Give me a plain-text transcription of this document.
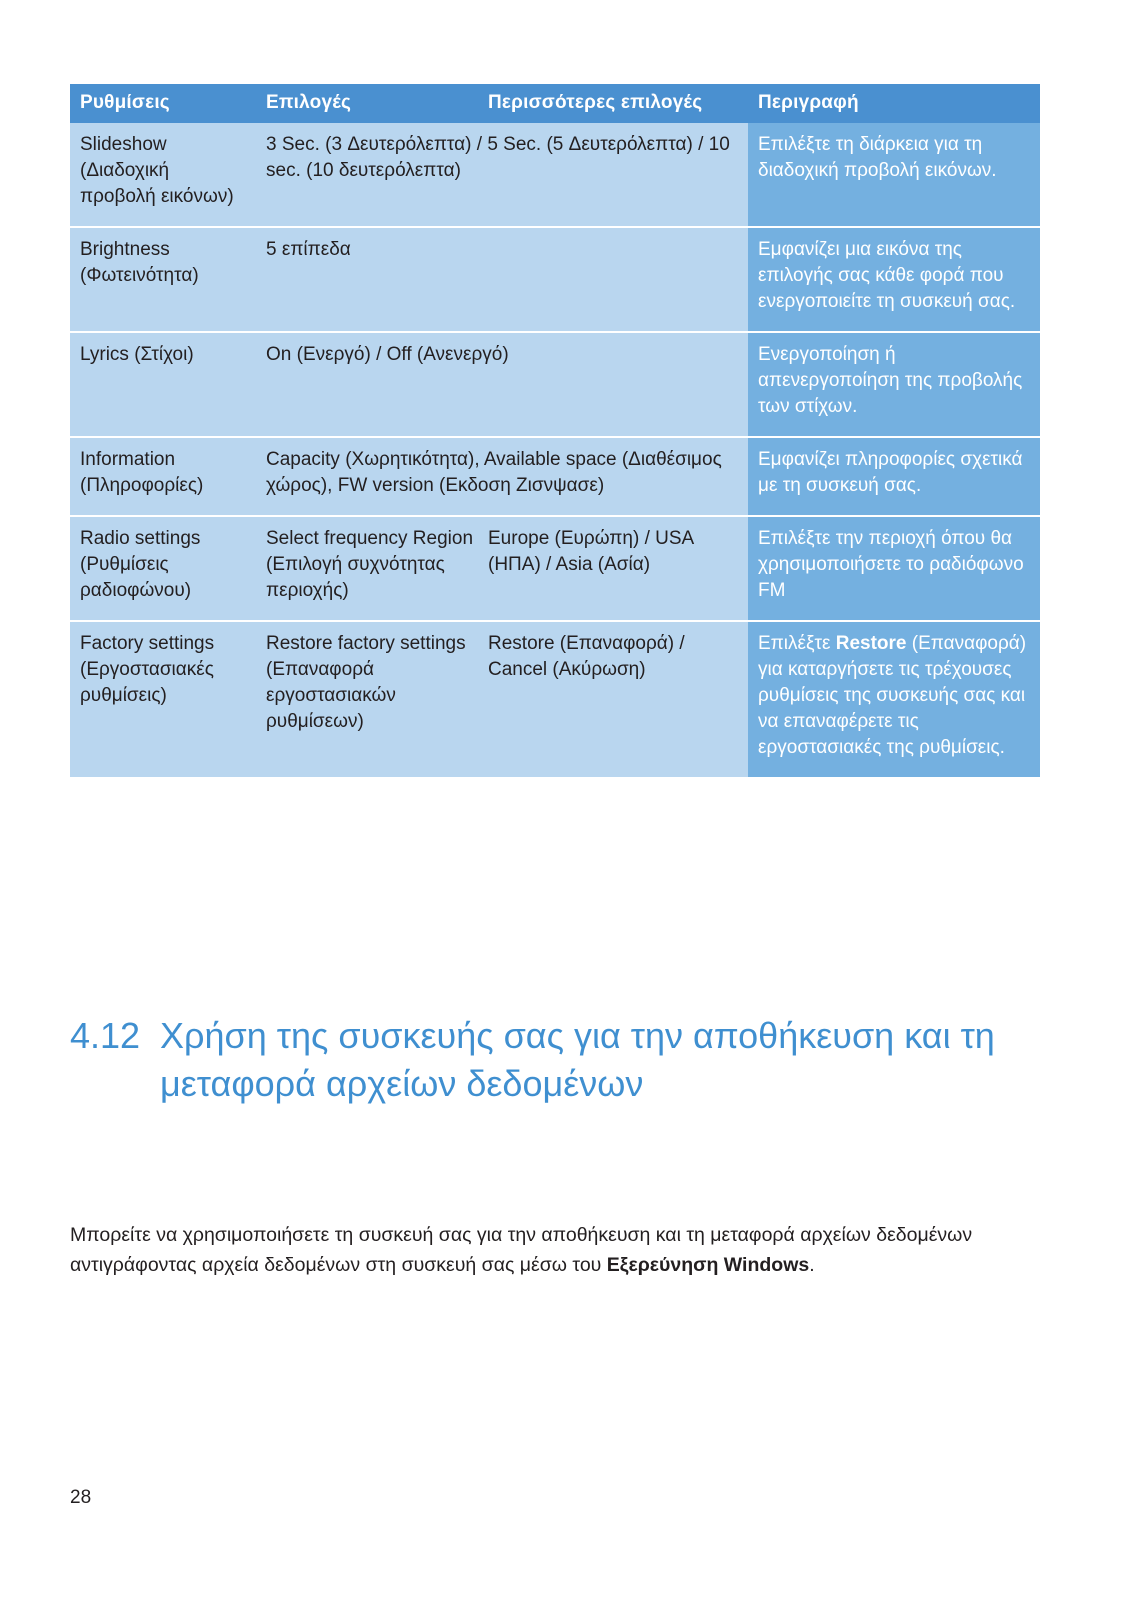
Ρυθμίσεις	Επιλογές	Περισσότερες επιλογές	Περιγραφή
Slideshow (Διαδοχική προβολή εικόνων)	3 Sec. (3 Δευτερόλεπτα) / 5 Sec. (5 Δευτερόλεπτα) / 10 sec. (10 δευτερόλεπτα)		Επιλέξτε τη διάρκεια για τη διαδοχική προβολή εικόνων.
Brightness (Φωτεινότητα)	5 επίπεδα		Εμφανίζει μια εικόνα της επιλογής σας κάθε φορά που ενεργοποιείτε τη συσκευή σας.
Lyrics (Στίχοι)	On (Ενεργό) / Off (Ανενεργό)		Ενεργοποίηση ή απενεργοποίηση της προβολής των στίχων.
Information (Πληροφορίες)	Capacity (Χωρητικότητα), Available space (Διαθέσιμος χώρος), FW version (Εκδοση Ζισνψασε)		Εμφανίζει πληροφορίες σχετικά με τη συσκευή σας.
Radio settings (Ρυθμίσεις ραδιοφώνου)	Select frequency Region (Επιλογή συχνότητας περιοχής)	Europe (Ευρώπη) / USA (ΗΠΑ) / Asia (Ασία)	Επιλέξτε την περιοχή όπου θα χρησιμοποιήσετε το ραδιόφωνο FM
Factory settings (Εργοστασιακές ρυθμίσεις)	Restore factory settings (Επαναφορά εργοστασιακών ρυθμίσεων)	Restore (Επαναφορά) / Cancel (Ακύρωση)	Επιλέξτε Restore (Επαναφορά) για καταργήσετε τις τρέχουσες ρυθμίσεις της συσκευής σας και να επαναφέρετε τις εργοστασιακές της ρυθμίσεις.
4.12 Χρήση της συσκευής σας για την αποθήκευση και τη μεταφορά αρχείων δεδομένων

Μπορείτε να χρησιμοποιήσετε τη συσκευή σας για την αποθήκευση και τη μεταφορά αρχείων δεδομένων αντιγράφοντας αρχεία δεδομένων στη συσκευή σας μέσω του Εξερεύνηση Windows.

28
